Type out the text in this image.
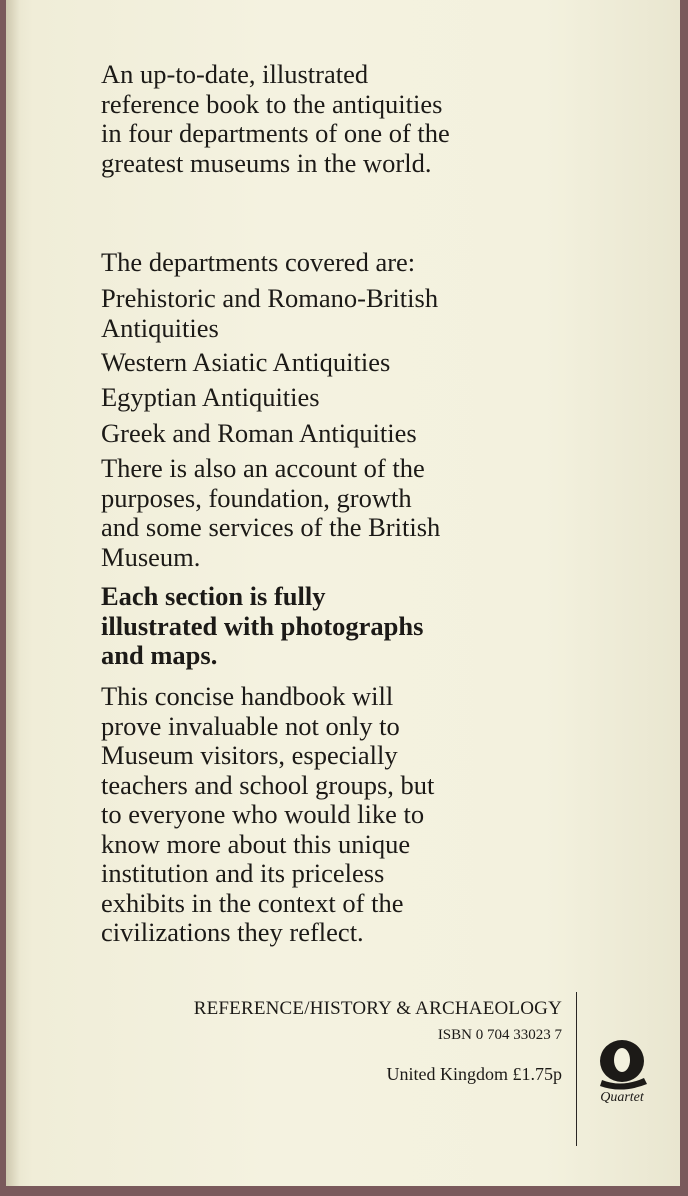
An up-to-date, illustrated
reference book to the antiquities
in four departments of one of the
greatest museums in the world.

The departments covered are:

Prehistoric and Romano-British
Antiquities

Western Asiatic Antiquities

Egyptian Antiquities

Greek and Roman Antiquities

There is also an account of the
purposes, foundation, growth
and some services of the British
Museum.

Each section is fully
illustrated with photographs
and maps.

This concise handbook will
prove invaluable not only to
Museum visitors, especially
teachers and school groups, but
to everyone who would like to
know more about this unique
institution and its priceless
exhibits in the context of the
civilizations they reflect.

REFERENCE/HISTORY & ARCHAEOLOGY
ISBN 0 704 33023 7
United Kingdom £1.75p
Quartet
